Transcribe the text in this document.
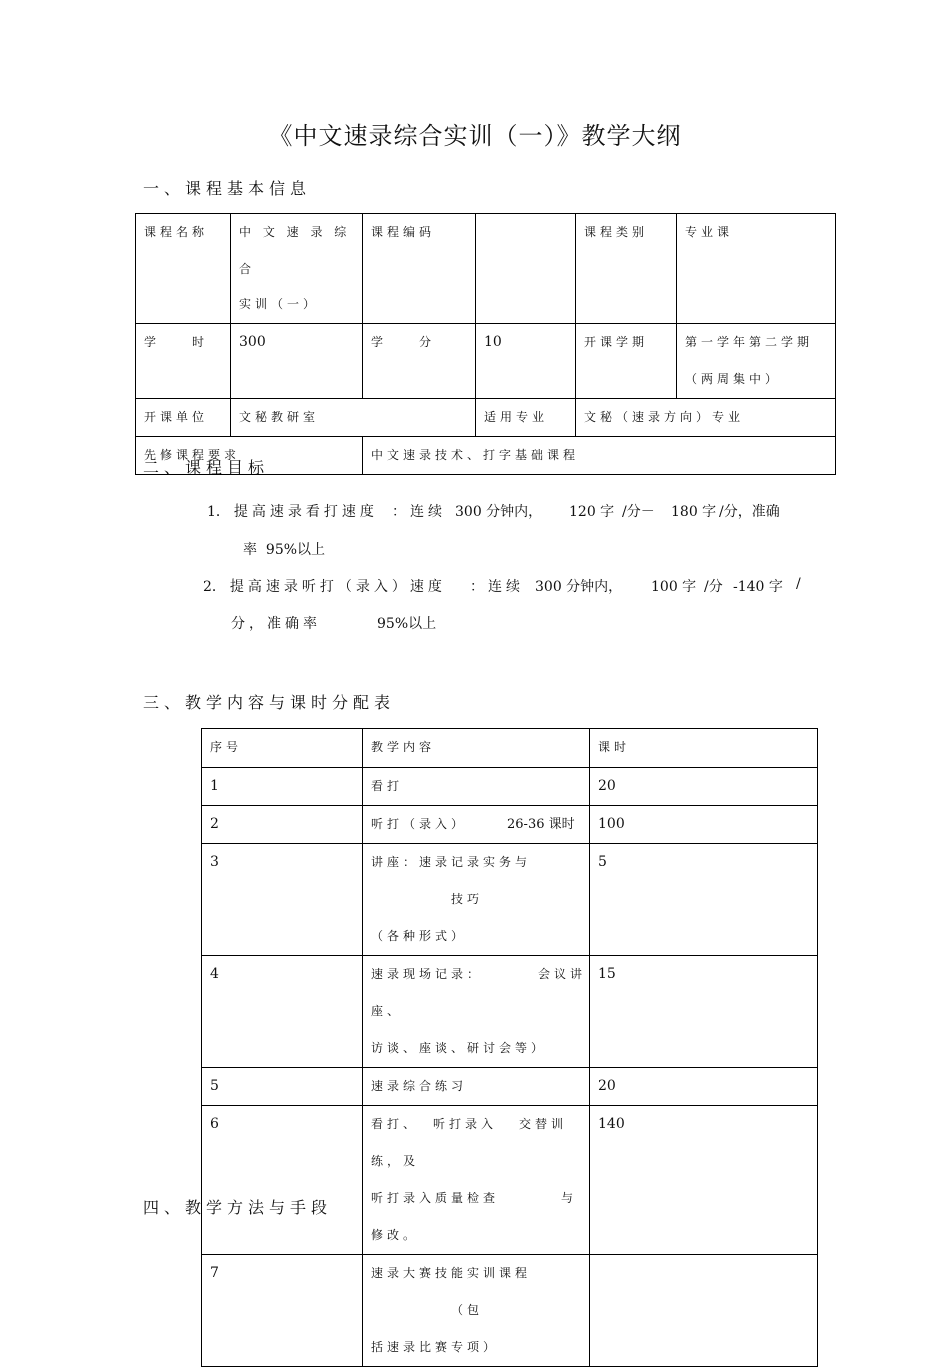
《中文速录综合实训（一）》教学大纲
一、课程基本信息
课程名称	中 文 速 录 综 合
实训（一）	课程编码		课程类别	专业课
学　　时	300	学　　分	10	开课学期	第一学年第二学期
（两周集中）

开课单位	文秘教研室		适用专业	文秘（速录方向）专业	
先修课程要求		中文速录技术、打字基础课程			
二、课程目标
1．提高速录看打速度 ：连续 300 分钟内， 120 字 /分－ 180 字 /分，准确
率 95%以上
2．提高速录听打（录入）速度 ：连续 300 分钟内， 100 字 /分 -140 字 /
分，准确率	95%以上
三、教学内容与课时分配表
序号	教学内容	课时
1	看打	20
2	听打（录入） 26-36 课时	100
3	讲座：速录记录实务与技巧
（各种形式）	5
4	速录现场记录： 会议讲座、
访谈、座谈、研讨会等）	15
5	速录综合练习	20
6	看打、 听打录入 交替训练，及
听打录入质量检查 与修改。	140
7	速录大赛技能实训课程（包
括速录比赛专项）	

四、教学方法与手段
